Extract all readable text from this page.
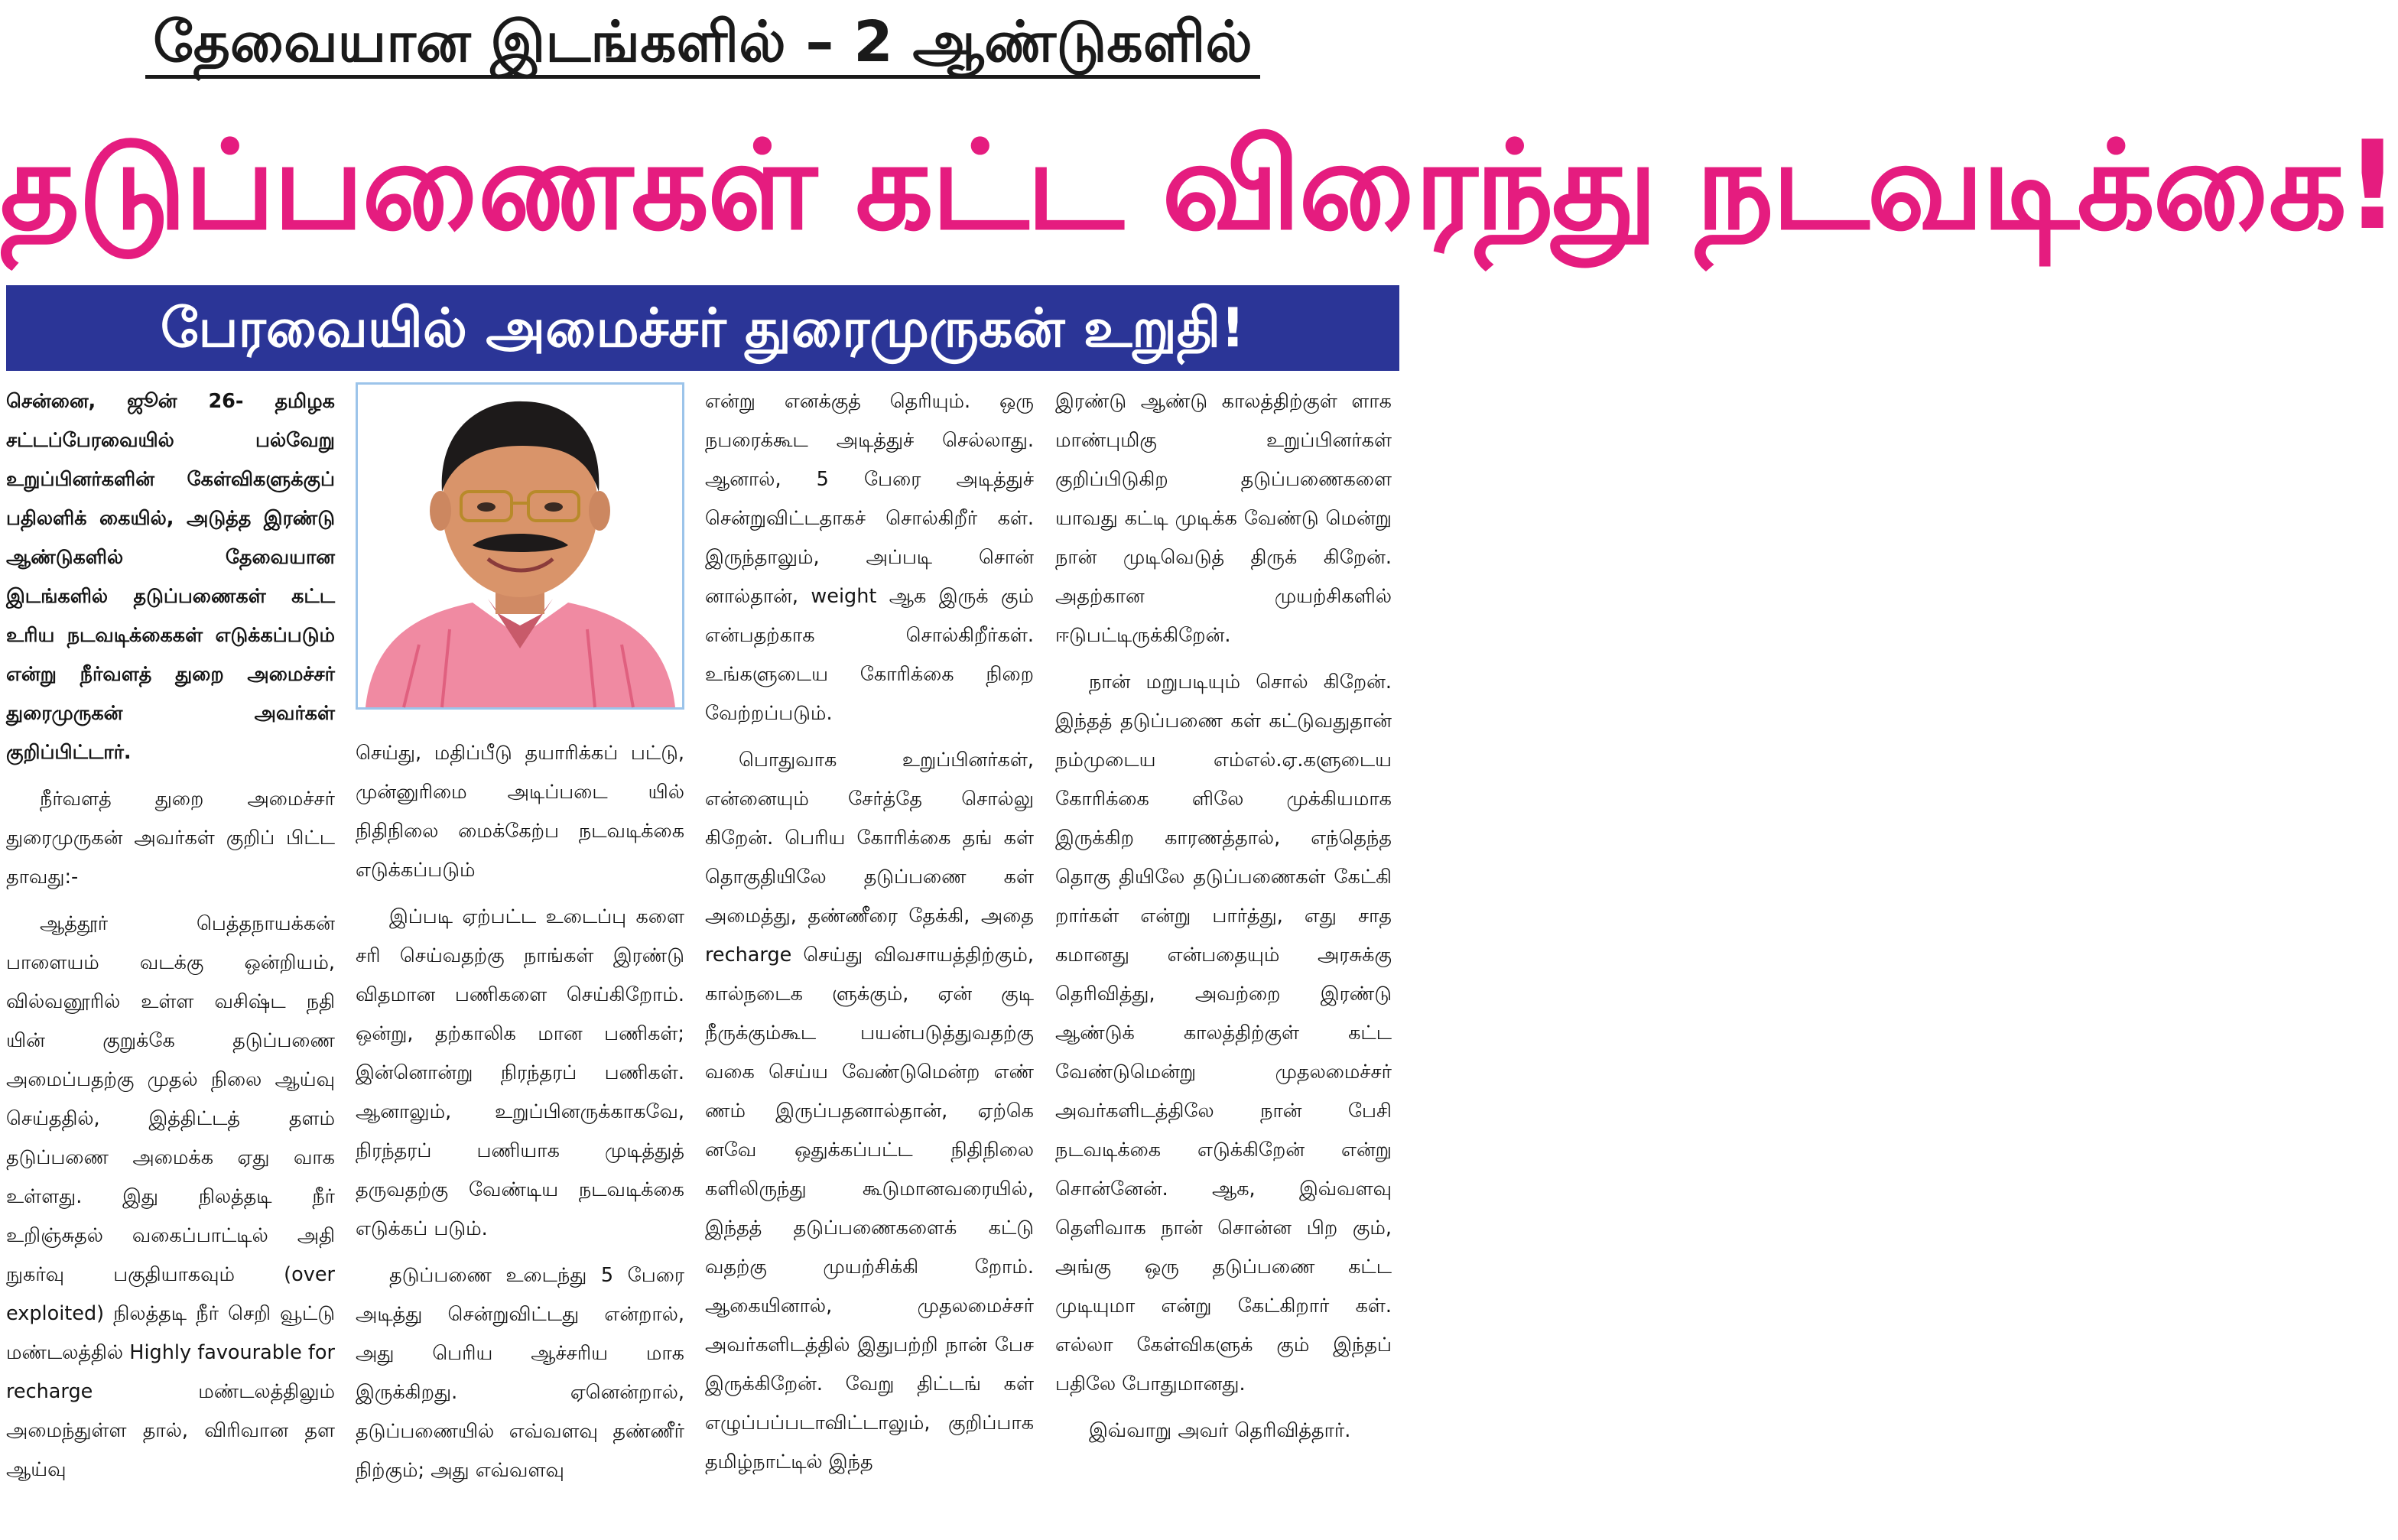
தேவையான இடங்களில் – 2 ஆண்டுகளில்
தடுப்பணைகள் கட்ட விரைந்து நடவடிக்கை!
பேரவையில் அமைச்சர் துரைமுருகன் உறுதி!

சென்னை, ஜூன் 26- தமிழக சட்டப்பேரவையில் பல்வேறு உறுப்பினர்களின் கேள்விகளுக்குப் பதிலளிக் கையில், அடுத்த இரண்டு ஆண்டுகளில் தேவையான இடங்களில் தடுப்பணைகள் கட்ட உரிய நடவடிக்கைகள் எடுக்கப்படும் என்று நீர்வளத் துறை அமைச்சர் துரைமுருகன் அவர்கள் குறிப்பிட்டார்.

நீர்வளத் துறை அமைச்சர் துரைமுருகன் அவர்கள் குறிப் பிட்ட தாவது:-

ஆத்தூர் பெத்தநாயக்கன் பாளையம் வடக்கு ஒன்றியம், வில்வனூரில் உள்ள வசிஷ்ட நதி யின் குறுக்கே தடுப்பணை அமைப்பதற்கு முதல் நிலை ஆய்வு செய்ததில், இத்திட்டத் தளம் தடுப்பணை அமைக்க ஏது வாக உள்ளது. இது நிலத்தடி நீர் உறிஞ்சுதல் வகைப்பாட்டில் அதி நுகர்வு பகுதியாகவும் (over exploited) நிலத்தடி நீர் செறி வூட்டு மண்டலத்தில் Highly favourable for recharge மண்டலத்திலும் அமைந்துள்ள தால், விரிவான தள ஆய்வு

செய்து, மதிப்பீடு தயாரிக்கப் பட்டு, முன்னுரிமை அடிப்படை யில் நிதிநிலை மைக்கேற்ப நடவடிக்கை எடுக்கப்படும்

இப்படி ஏற்பட்ட உடைப்பு களை சரி செய்வதற்கு நாங்கள் இரண்டு விதமான பணிகளை செய்கிறோம். ஒன்று, தற்காலிக மான பணிகள்; இன்னொன்று நிரந்தரப் பணிகள். ஆனாலும், உறுப்பினருக்காகவே, நிரந்தரப் பணியாக முடித்துத் தருவதற்கு வேண்டிய நடவடிக்கை எடுக்கப் படும்.

தடுப்பணை உடைந்து 5 பேரை அடித்து சென்றுவிட்டது என்றால், அது பெரிய ஆச்சரிய மாக இருக்கிறது. ஏனென்றால், தடுப்பணையில் எவ்வளவு தண்ணீர் நிற்கும்; அது எவ்வளவு

என்று எனக்குத் தெரியும். ஒரு நபரைக்கூட அடித்துச் செல்லாது. ஆனால், 5 பேரை அடித்துச் சென்றுவிட்டதாகச் சொல்கிறீர் கள். இருந்தாலும், அப்படி சொன் னால்தான், weight ஆக இருக் கும் என்பதற்காக சொல்கிறீர்கள். உங்களுடைய கோரிக்கை நிறை வேற்றப்படும்.

பொதுவாக உறுப்பினர்கள், என்னையும் சேர்த்தே சொல்லு கிறேன். பெரிய கோரிக்கை தங் கள் தொகுதியிலே தடுப்பணை கள் அமைத்து, தண்ணீரை தேக்கி, அதை recharge செய்து விவசாயத்திற்கும், கால்நடைக ளுக்கும், ஏன் குடி நீருக்கும்கூட பயன்படுத்துவதற்கு வகை செய்ய வேண்டுமென்ற எண் ணம் இருப்பதனால்தான், ஏற்கெ னவே ஒதுக்கப்பட்ட நிதிநிலை களிலிருந்து கூடுமானவரையில், இந்தத் தடுப்பணைகளைக் கட்டு வதற்கு முயற்சிக்கி றோம். ஆகையினால், முதலமைச்சர் அவர்களிடத்தில் இதுபற்றி நான் பேச இருக்கிறேன். வேறு திட்டங் கள் எழுப்பப்படாவிட்டாலும், குறிப்பாக தமிழ்நாட்டில் இந்த

இரண்டு ஆண்டு காலத்திற்குள் ளாக மாண்புமிகு உறுப்பினர்கள் குறிப்பிடுகிற தடுப்பணைகளை யாவது கட்டி முடிக்க வேண்டு மென்று நான் முடிவெடுத் திருக் கிறேன். அதற்கான முயற்சிகளில் ஈடுபட்டிருக்கிறேன்.

நான் மறுபடியும் சொல் கிறேன். இந்தத் தடுப்பணை கள் கட்டுவதுதான் நம்முடைய எம்எல்.ஏ.களுடைய கோரிக்கை ளிலே முக்கியமாக இருக்கிற காரணத்தால், எந்தெந்த தொகு தியிலே தடுப்பணைகள் கேட்கி றார்கள் என்று பார்த்து, எது சாத கமானது என்பதையும் அரசுக்கு தெரிவித்து, அவற்றை இரண்டு ஆண்டுக் காலத்திற்குள் கட்ட வேண்டுமென்று முதலமைச்சர் அவர்களிடத்திலே நான் பேசி நடவடிக்கை எடுக்கிறேன் என்று சொன்னேன். ஆக, இவ்வளவு தெளிவாக நான் சொன்ன பிற கும், அங்கு ஒரு தடுப்பணை கட்ட முடியுமா என்று கேட்கிறார் கள். எல்லா கேள்விகளுக் கும் இந்தப் பதிலே போதுமானது.

இவ்வாறு அவர் தெரிவித்தார்.
